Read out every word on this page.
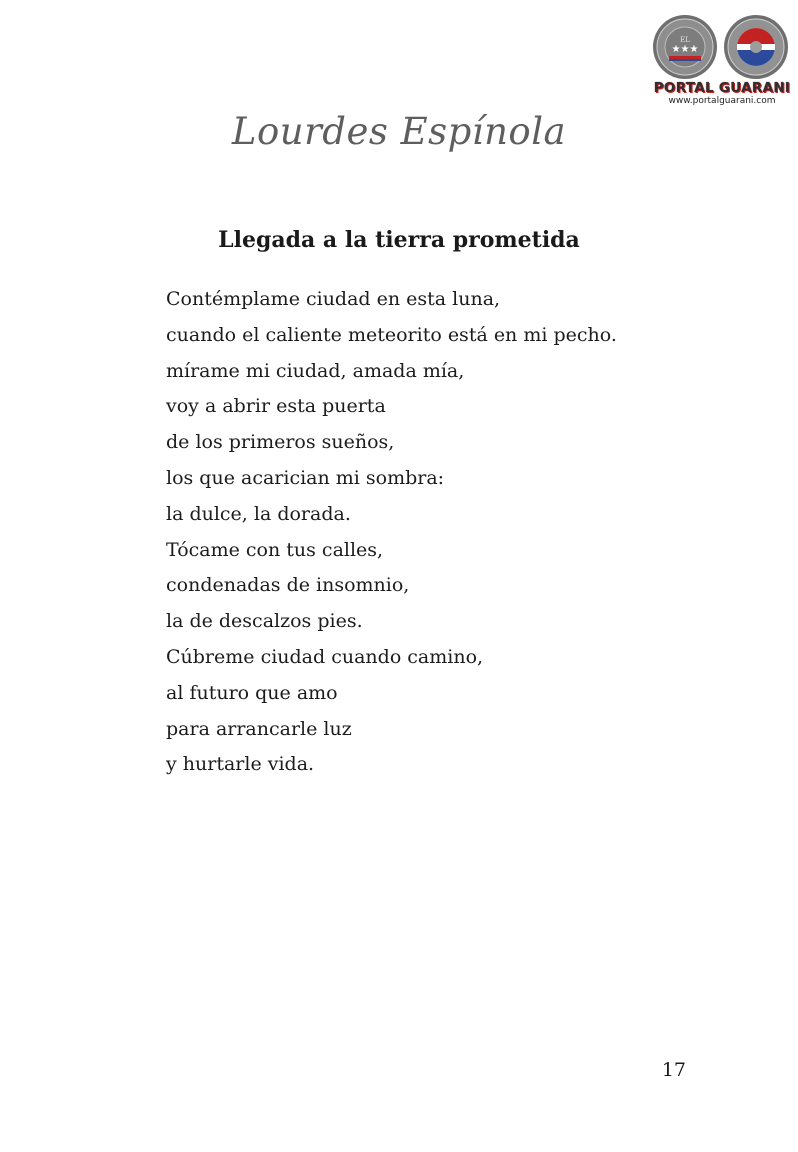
EL
★★★
PORTAL GUARANI
www.portalguarani.com
Lourdes Espínola
Llegada a la tierra prometida
Contémplame ciudad en esta luna,
cuando el caliente meteorito está en mi pecho.
mírame mi ciudad, amada mía,
voy a abrir esta puerta
de los primeros sueños,
los que acarician mi sombra:
la dulce, la dorada.
Tócame con tus calles,
condenadas de insomnio,
la de descalzos pies.
Cúbreme ciudad cuando camino,
al futuro que amo
para arrancarle luz
y hurtarle vida.
17
